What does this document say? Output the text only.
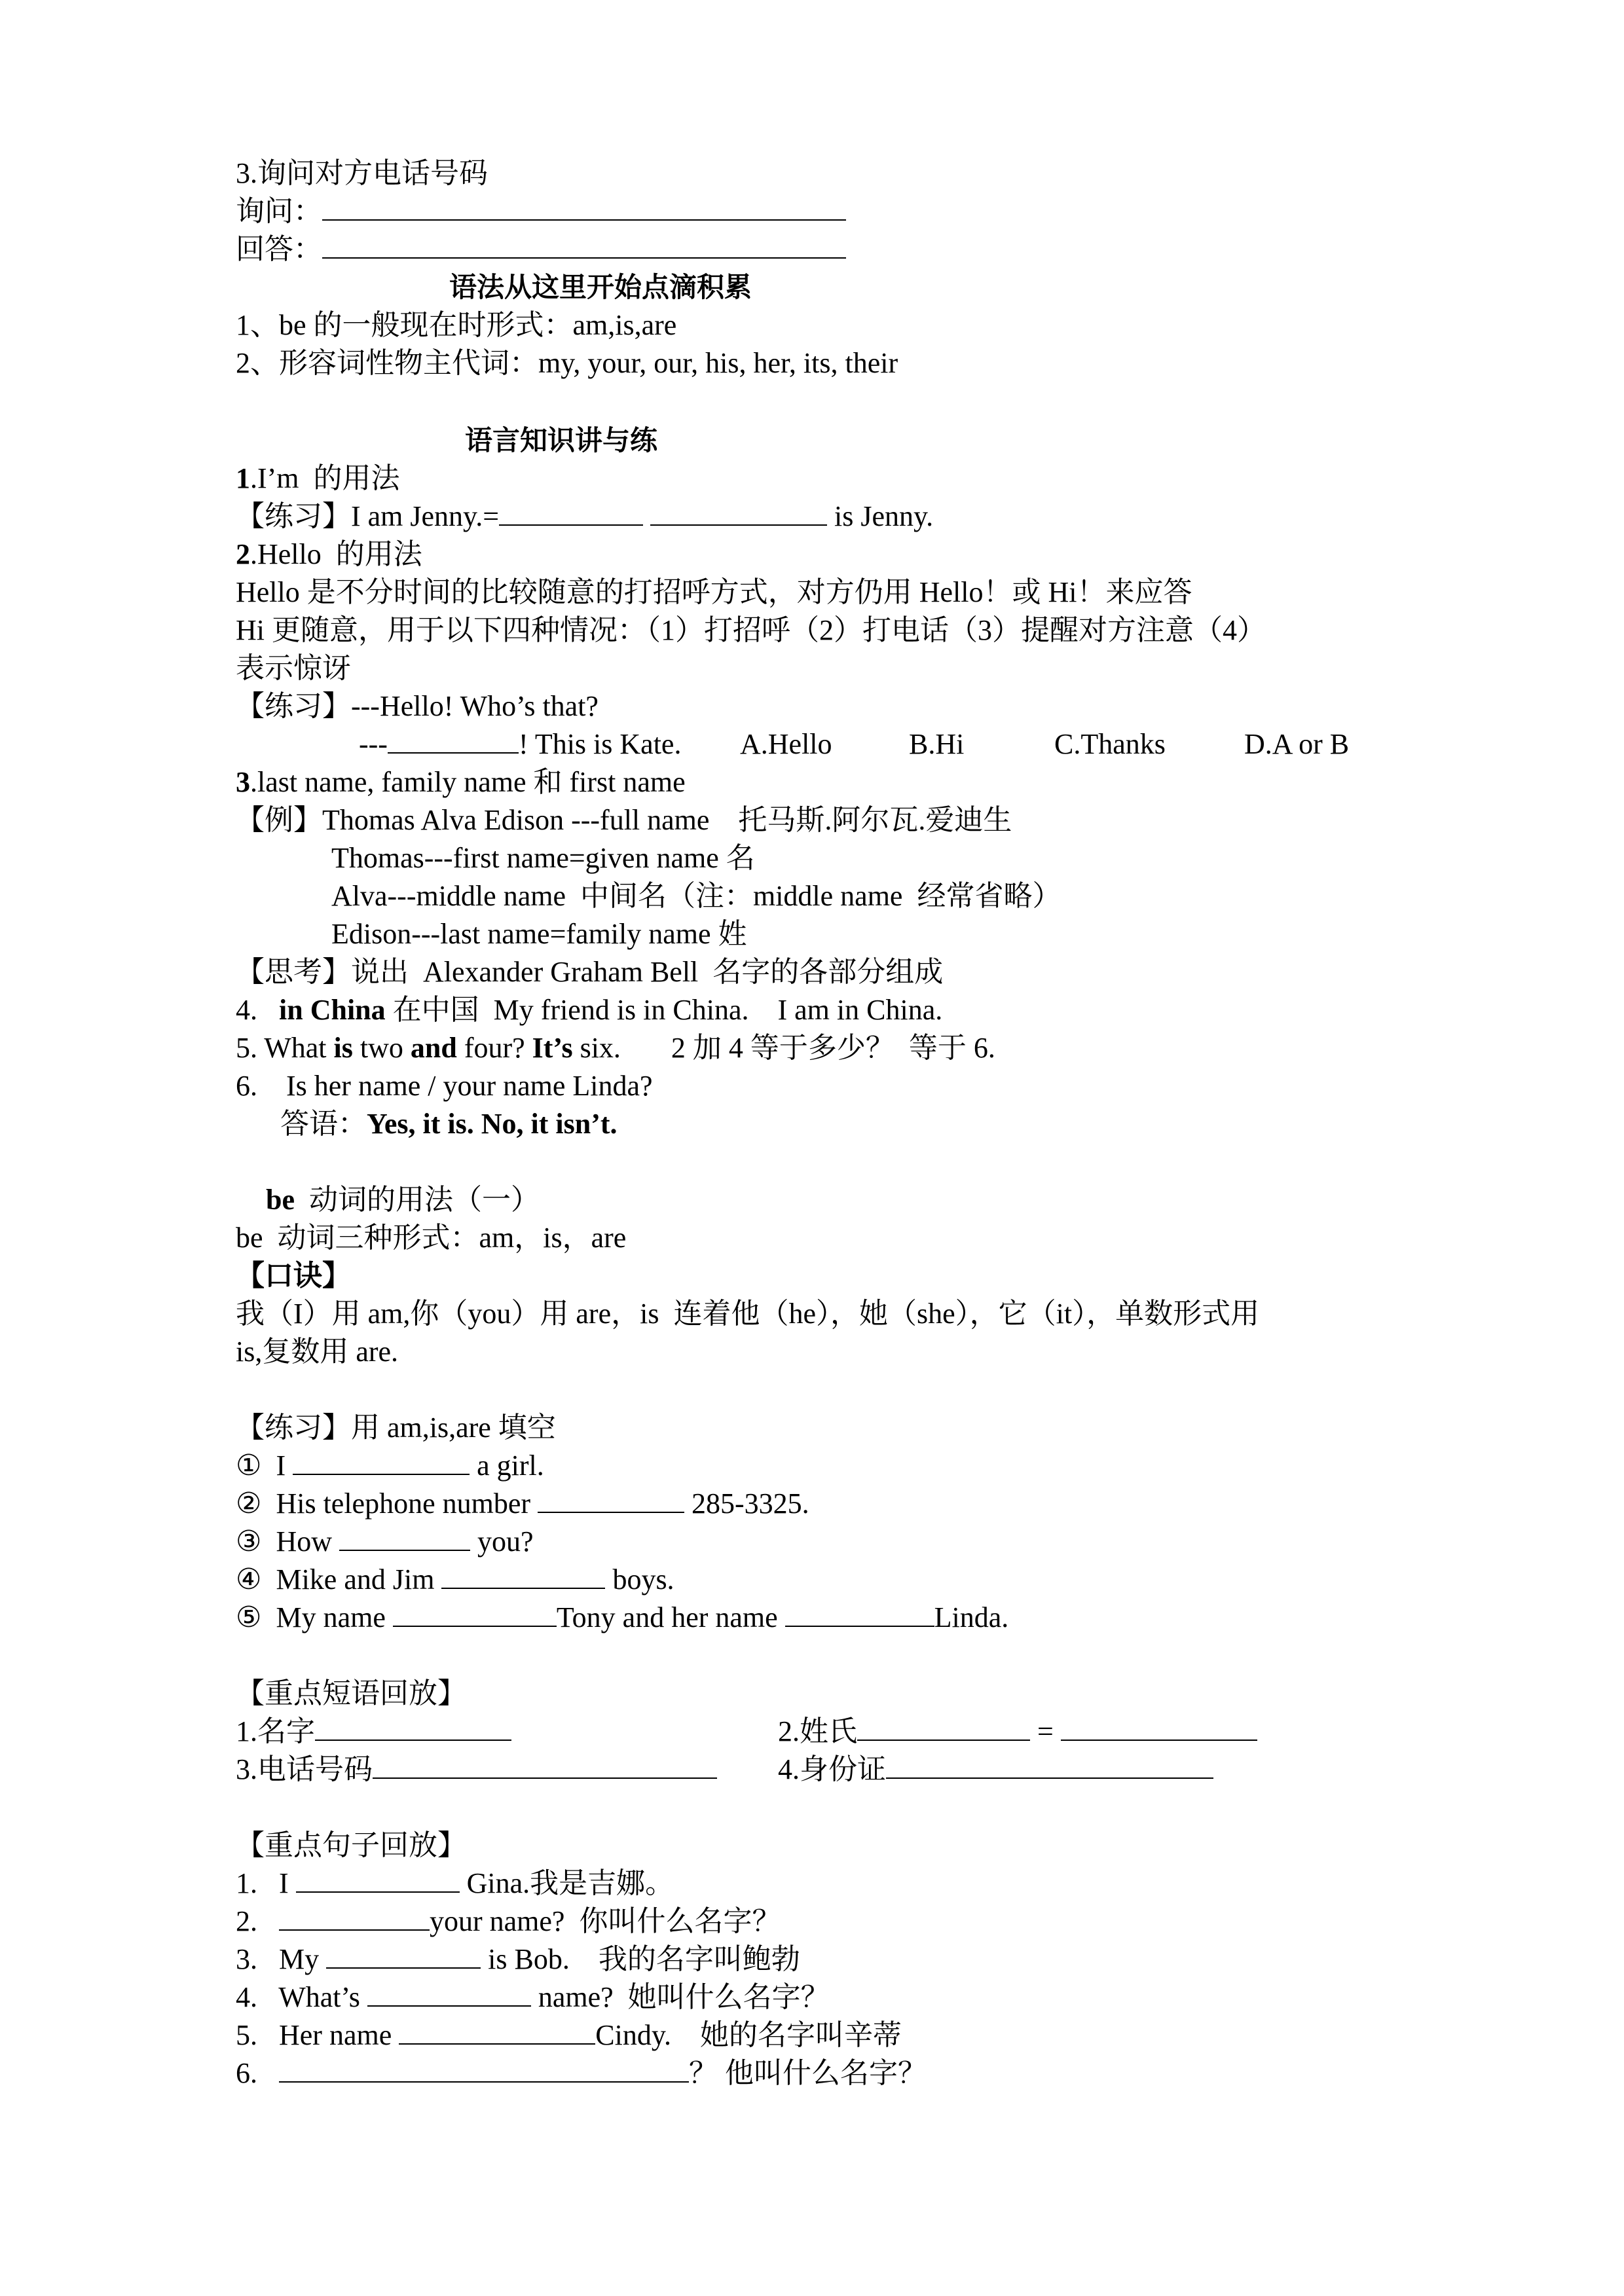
3.询问对方电话号码
询问：
回答：
语法从这里开始点滴积累
1、be 的一般现在时形式：am,is,are
2、形容词性物主代词：my, your, our, his, her, its, their
语言知识讲与练
1.I’m  的用法
【练习】I am Jenny.=	is Jenny.
2.Hello  的用法
Hello 是不分时间的比较随意的打招呼方式，对方仍用 Hello！或 Hi！来应答
Hi 更随意，用于以下四种情况：（1）打招呼（2）打电话（3）提醒对方注意（4）
表示惊讶
【练习】---Hello! Who’s that?
---	! This is Kate. A.Hello	B.Hi	C.Thanks	D.A or B
3.last name, family name 和 first name
【例】Thomas Alva Edison ---full name    托马斯.阿尔瓦.爱迪生
Thomas---first name=given name 名
Alva---middle name  中间名（注：middle name  经常省略）
Edison---last name=family name 姓
【思考】说出  Alexander Graham Bell  名字的各部分组成
4.   in China 在中国  My friend is in China.    I am in China.
5. What is two and four? It’s six.       2 加 4 等于多少？  等于 6.
6.    Is her name / your name Linda?
答语：Yes, it is. No, it isn’t.
be  动词的用法（一）
be  动词三种形式：am，is，are
【口诀】
我（I）用 am,你（you）用 are，is  连着他（he），她（she），它（it），单数形式用
is,复数用 are.
【练习】用 am,is,are 填空
①  I	a girl.
②  His telephone number	285-3325.
③  How	you?
④  Mike and Jim	boys.
⑤  My name	Tony and her name	Linda.
【重点短语回放】
1.名字	2.姓氏	=
3.电话号码	4.身份证
【重点句子回放】
1.   I	Gina.我是吉娜。
2.	your name?  你叫什么名字？
3.   My	is Bob.    我的名字叫鲍勃
4.   What’s	name?  她叫什么名字？
5.   Her name	Cindy.    她的名字叫辛蒂
6.	？ 他叫什么名字？
